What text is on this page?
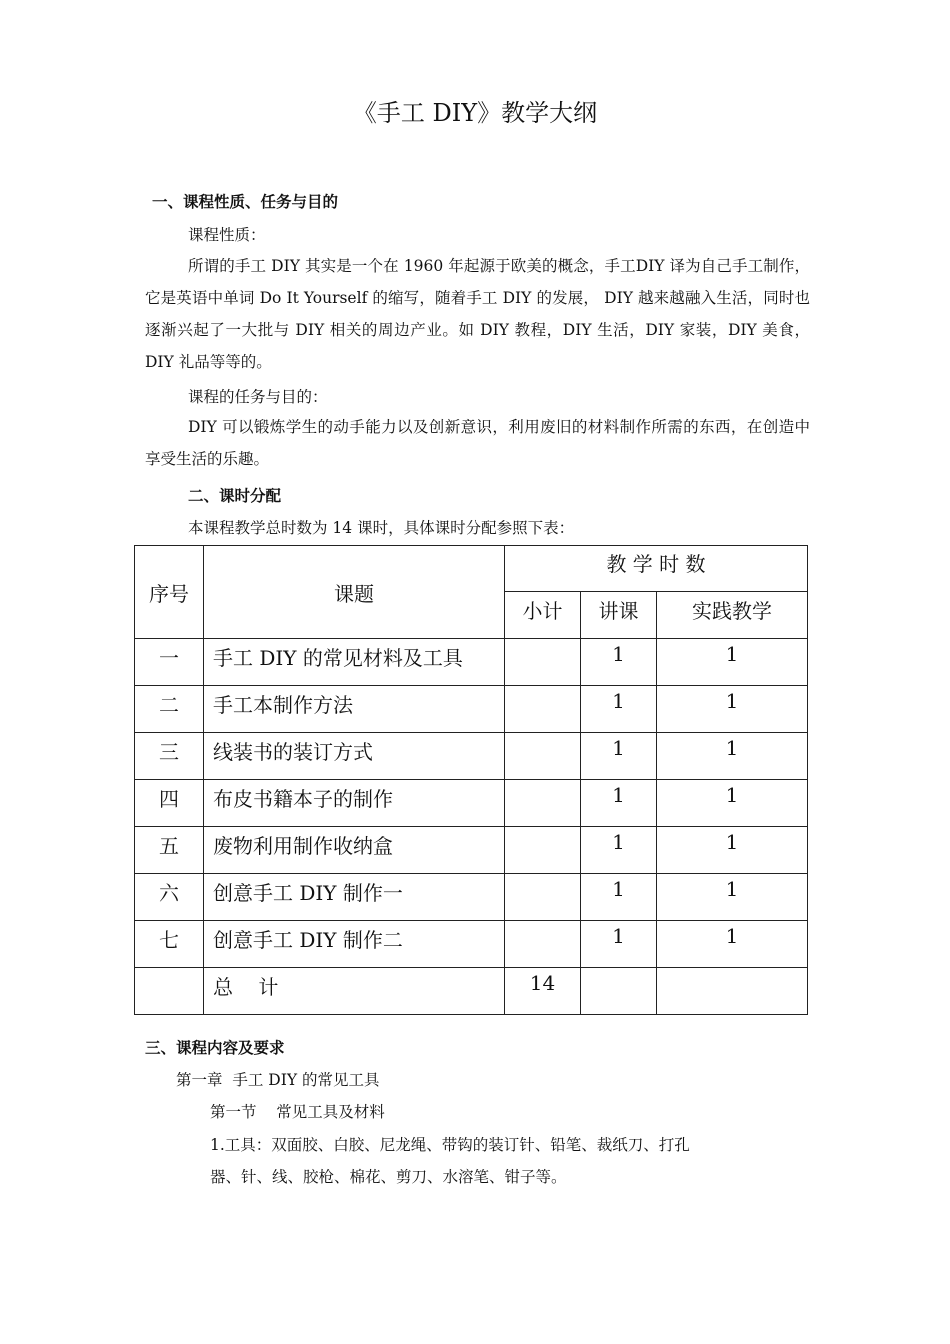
《手工 DIY》教学大纲
一、课程性质、任务与目的
课程性质：
所谓的手工 DIY 其实是一个在 1960 年起源于欧美的概念，手工DIY 译为自己手工制作，它是英语中单词 Do It Yourself 的缩写，随着手工 DIY 的发展， DIY 越来越融入生活，同时也逐渐兴起了一大批与 DIY 相关的周边产业。如 DIY 教程，DIY 生活，DIY 家装，DIY 美食，DIY 礼品等等的。
课程的任务与目的：
DIY 可以锻炼学生的动手能力以及创新意识，利用废旧的材料制作所需的东西，在创造中享受生活的乐趣。
二、课时分配
本课程教学总时数为 14 课时，具体课时分配参照下表：
序号	课题	教 学 时 数		
		小计	讲课	实践教学
一	手工 DIY 的常见材料及工具		1	1
二	手工本制作方法		1	1
三	线装书的装订方式		1	1
四	布皮书籍本子的制作		1	1
五	废物利用制作收纳盒		1	1
六	创意手工 DIY 制作一		1	1
七	创意手工 DIY 制作二		1	1
	总    计	14		
三、课程内容及要求
第一章  手工 DIY 的常见工具
第一节    常见工具及材料
1.工具：双面胶、白胶、尼龙绳、带钩的装订针、铅笔、裁纸刀、打孔
器、针、线、胶枪、棉花、剪刀、水溶笔、钳子等。
